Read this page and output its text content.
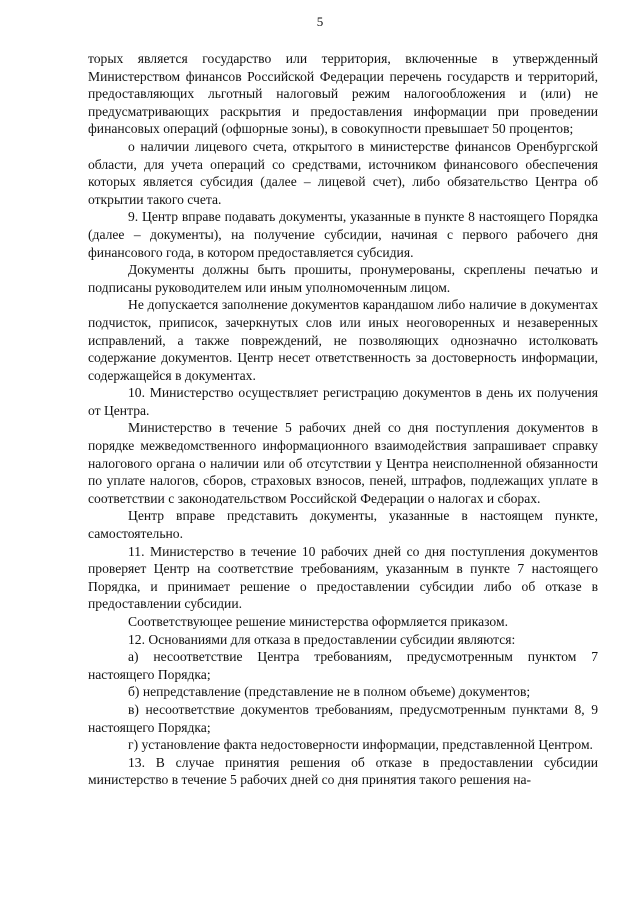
5

торых является государство или территория, включенные в утвержденный Министерством финансов Российской Федерации перечень государств и территорий, предоставляющих льготный налоговый режим налогообложения и (или) не предусматривающих раскрытия и предоставления информации при проведении финансовых операций (офшорные зоны), в совокупности превышает 50 процентов;

о наличии лицевого счета, открытого в министерстве финансов Оренбургской области, для учета операций со средствами, источником финансового обеспечения которых является субсидия (далее – лицевой счет), либо обязательство Центра об открытии такого счета.

9. Центр вправе подавать документы, указанные в пункте 8 настоящего Порядка (далее – документы), на получение субсидии, начиная с первого рабочего дня финансового года, в котором предоставляется субсидия.

Документы должны быть прошиты, пронумерованы, скреплены печатью и подписаны руководителем или иным уполномоченным лицом.

Не допускается заполнение документов карандашом либо наличие в документах подчисток, приписок, зачеркнутых слов или иных неоговоренных и незаверенных исправлений, а также повреждений, не позволяющих однозначно истолковать содержание документов. Центр несет ответственность за достоверность информации, содержащейся в документах.

10. Министерство осуществляет регистрацию документов в день их получения от Центра.

Министерство в течение 5 рабочих дней со дня поступления документов в порядке межведомственного информационного взаимодействия запрашивает справку налогового органа о наличии или об отсутствии у Центра неисполненной обязанности по уплате налогов, сборов, страховых взносов, пеней, штрафов, подлежащих уплате в соответствии с законодательством Российской Федерации о налогах и сборах.

Центр вправе представить документы, указанные в настоящем пункте, самостоятельно.

11. Министерство в течение 10 рабочих дней со дня поступления документов проверяет Центр на соответствие требованиям, указанным в пункте 7 настоящего Порядка, и принимает решение о предоставлении субсидии либо об отказе в предоставлении субсидии.

Соответствующее решение министерства оформляется приказом.

12. Основаниями для отказа в предоставлении субсидии являются:

а) несоответствие Центра требованиям, предусмотренным пунктом 7 настоящего Порядка;

б) непредставление (представление не в полном объеме) документов;

в) несоответствие документов требованиям, предусмотренным пунктами 8, 9 настоящего Порядка;

г) установление факта недостоверности информации, представленной Центром.

13. В случае принятия решения об отказе в предоставлении субсидии министерство в течение 5 рабочих дней со дня принятия такого решения на-
